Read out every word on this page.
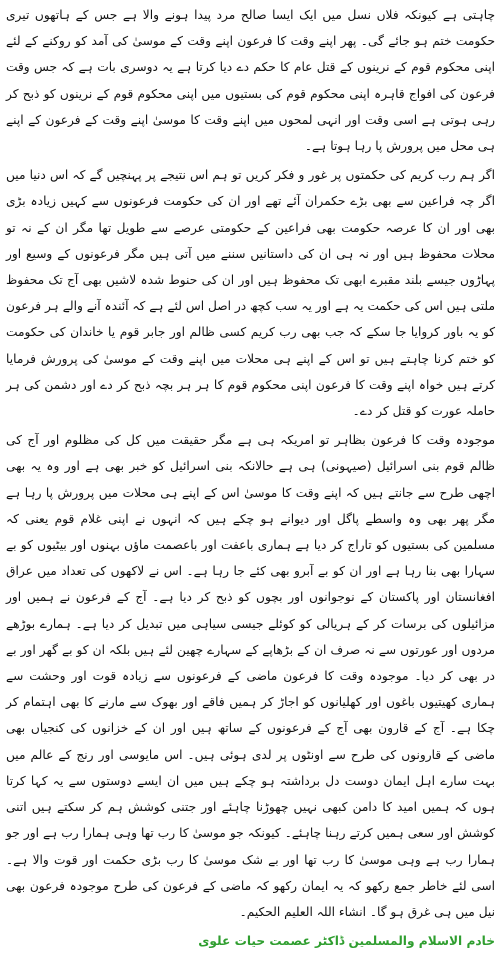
چاہتی ہے کیونکہ فلاں نسل میں ایک ایسا صالح مرد پیدا ہونے والا ہے جس کے ہاتھوں تیری حکومت ختم ہو جائے گی۔ پھر اپنے وقت کا فرعون اپنے وقت کے موسیٰ کی آمد کو روکنے کے لئے اپنی محکوم قوم کے نرینوں کے قتل عام کا حکم دے دیا کرتا ہے یہ دوسری بات ہے کہ جس وقت فرعون کی افواج قاہرہ اپنی محکوم قوم کی بستیوں میں اپنی محکوم قوم کے نرینوں کو ذبح کر رہی ہوتی ہے اسی وقت اور انہی لمحوں میں اپنے وقت کا موسیٰ اپنے وقت کے فرعون کے اپنے ہی محل میں پرورش پا رہا ہوتا ہے۔

اگر ہم رب کریم کی حکمتوں پر غور و فکر کریں تو ہم اس نتیجے پر پہنچیں گے کہ اس دنیا میں اگر چہ فراعین سے بھی بڑے حکمران آئے تھے اور ان کی حکومت فرعونوں سے کہیں زیادہ بڑی بھی اور ان کا عرصہ حکومت بھی فراعین کے حکومتی عرصے سے طویل تھا مگر ان کے نہ تو محلات محفوظ ہیں اور نہ ہی ان کی داستانیں سننے میں آتی ہیں مگر فرعونوں کے وسیع اور پہاڑوں جیسے بلند مقبرے ابھی تک محفوظ ہیں اور ان کی حنوط شدہ لاشیں بھی آج تک محفوظ ملتی ہیں اس کی حکمت یہ ہے اور یہ سب کچھ در اصل اس لئے ہے کہ آئندہ آنے والے ہر فرعون کو یہ باور کروایا جا سکے کہ جب بھی رب کریم کسی ظالم اور جابر قوم یا خاندان کی حکومت کو ختم کرنا چاہتے ہیں تو اس کے اپنے ہی محلات میں اپنے وقت کے موسیٰ کی پرورش فرمایا کرتے ہیں خواہ اپنے وقت کا فرعون اپنی محکوم قوم کا ہر ہر بچہ ذبح کر دے اور دشمن کی ہر حاملہ عورت کو قتل کر دے۔

موجودہ وقت کا فرعون بظاہر تو امریکہ ہی ہے مگر حقیقت میں کل کی مظلوم اور آج کی ظالم قوم بنی اسرائیل (صیہونی) ہی ہے حالانکہ بنی اسرائیل کو خبر بھی ہے اور وہ یہ بھی اچھی طرح سے جانتے ہیں کہ اپنے وقت کا موسیٰ اس کے اپنے ہی محلات میں پرورش پا رہا ہے مگر پھر بھی وہ واسطے پاگل اور دیوانے ہو چکے ہیں کہ انہوں نے اپنی غلام قوم یعنی کہ مسلمین کی بستیوں کو تاراج کر دیا ہے ہماری باعفت اور باعصمت ماؤں بہنوں اور بیٹیوں کو بے سہارا بھی بنا رہا ہے اور ان کو بے آبرو بھی کئے جا رہا ہے۔ اس نے لاکھوں کی تعداد میں عراق افغانستان اور پاکستان کے نوجوانوں اور بچوں کو ذبح کر دیا ہے۔ آج کے فرعون نے ہمیں اور مزائیلوں کی برسات کر کے ہریالی کو کوئلے جیسی سیاہی میں تبدیل کر دیا ہے۔ ہمارے بوڑھے مردوں اور عورتوں سے نہ صرف ان کے بڑھاپے کے سہارے چھین لئے ہیں بلکہ ان کو بے گھر اور بے در بھی کر دیا۔ موجودہ وقت کا فرعون ماضی کے فرعونوں سے زیادہ قوت اور وحشت سے ہماری کھیتیوں باغوں اور کھلیانوں کو اجاڑ کر ہمیں فاقے اور بھوک سے مارنے کا بھی اہتمام کر چکا ہے۔ آج کے قارون بھی آج کے فرعونوں کے ساتھ ہیں اور ان کے خزانوں کی کنجیاں بھی ماضی کے قارونوں کی طرح سے اونٹوں پر لدی ہوئی ہیں۔ اس مایوسی اور رنج کے عالم میں بہت سارے اہل ایمان دوست دل برداشتہ ہو چکے ہیں میں ان ایسے دوستوں سے یہ کہا کرتا ہوں کہ ہمیں امید کا دامن کبھی نہیں چھوڑنا چاہئے اور جتنی کوشش ہم کر سکتے ہیں اتنی کوشش اور سعی ہمیں کرتے رہنا چاہئے۔ کیونکہ جو موسیٰ کا رب تھا وہی ہمارا رب ہے اور جو ہمارا رب ہے وہی موسیٰ کا رب تھا اور بے شک موسیٰ کا رب بڑی حکمت اور قوت والا ہے۔ اسی لئے خاطر جمع رکھو کہ یہ ایمان رکھو کہ ماضی کے فرعون کی طرح موجودہ فرعون بھی نیل میں ہی غرق ہو گا۔ انشاء اللہ العلیم الحکیم۔

خادم الاسلام والمسلمین ڈاکٹر عصمت حیات علوی
